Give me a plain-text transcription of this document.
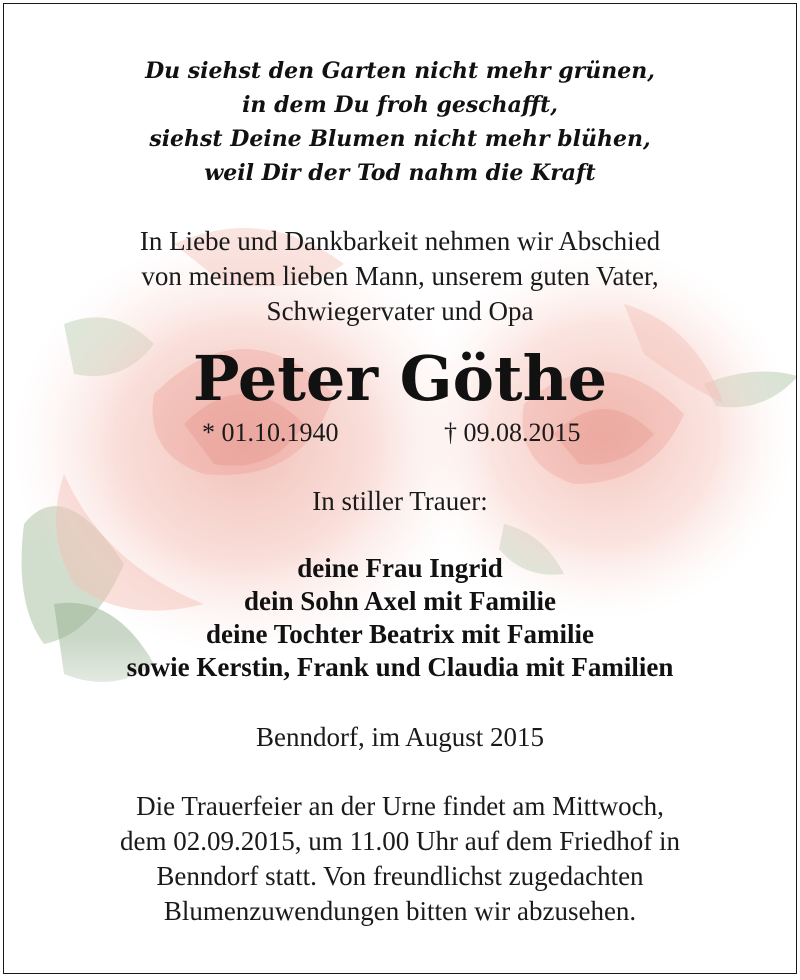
Du siehst den Garten nicht mehr grünen,
in dem Du froh geschafft,
siehst Deine Blumen nicht mehr blühen,
weil Dir der Tod nahm die Kraft
In Liebe und Dankbarkeit nehmen wir Abschied
von meinem lieben Mann, unserem guten Vater,
Schwiegervater und Opa
Peter Göthe
* 01.10.1940	† 09.08.2015
In stiller Trauer:
deine Frau Ingrid
dein Sohn Axel mit Familie
deine Tochter Beatrix mit Familie
sowie Kerstin, Frank und Claudia mit Familien
Benndorf, im August 2015
Die Trauerfeier an der Urne findet am Mittwoch,
dem 02.09.2015, um 11.00 Uhr auf dem Friedhof in
Benndorf statt. Von freundlichst zugedachten
Blumenzuwendungen bitten wir abzusehen.
